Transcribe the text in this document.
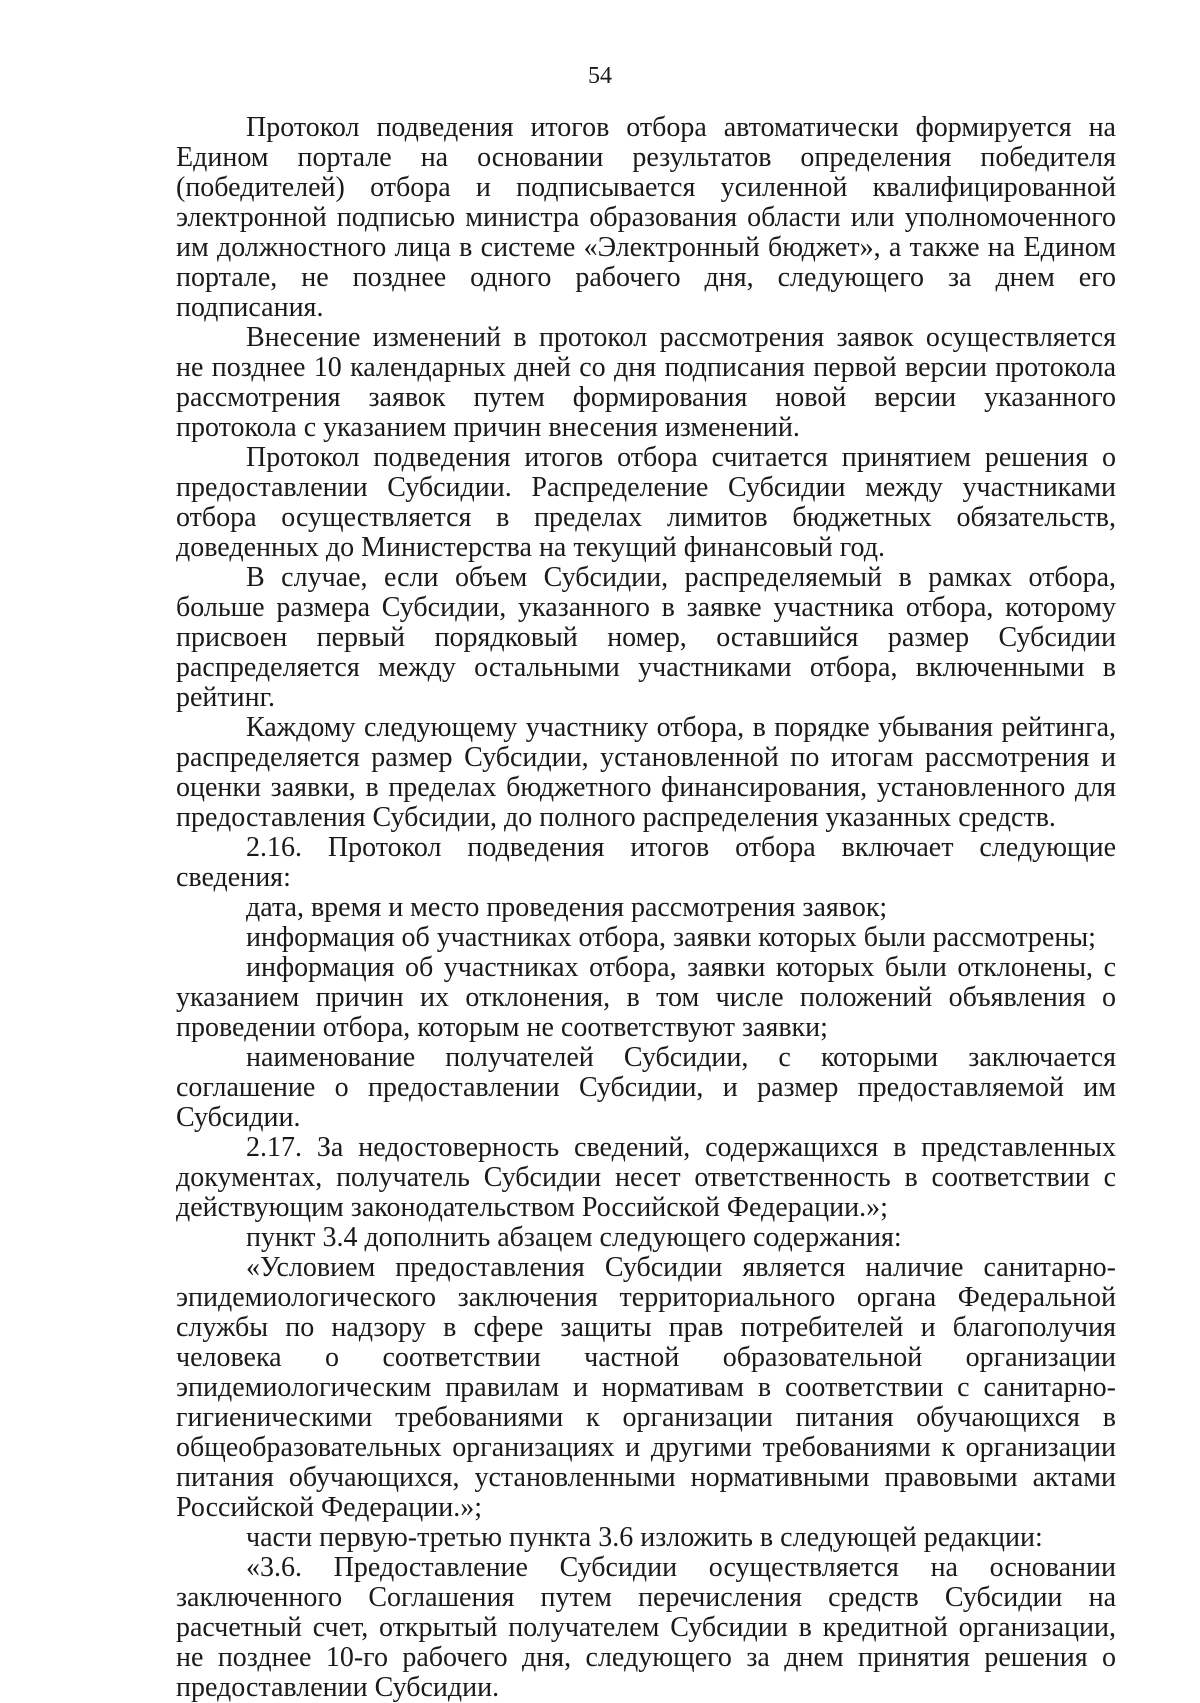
54

Протокол подведения итогов отбора автоматически формируется на Едином портале на основании результатов определения победителя (победителей) отбора и подписывается усиленной квалифицированной электронной подписью министра образования области или уполномоченного им должностного лица в системе «Электронный бюджет», а также на Едином портале, не позднее одного рабочего дня, следующего за днем его подписания.

Внесение изменений в протокол рассмотрения заявок осуществляется не позднее 10 календарных дней со дня подписания первой версии протокола рассмотрения заявок путем формирования новой версии указанного протокола с указанием причин внесения изменений.

Протокол подведения итогов отбора считается принятием решения о предоставлении Субсидии. Распределение Субсидии между участниками отбора осуществляется в пределах лимитов бюджетных обязательств, доведенных до Министерства на текущий финансовый год.

В случае, если объем Субсидии, распределяемый в рамках отбора, больше размера Субсидии, указанного в заявке участника отбора, которому присвоен первый порядковый номер, оставшийся размер Субсидии распределяется между остальными участниками отбора, включенными в рейтинг.

Каждому следующему участнику отбора, в порядке убывания рейтинга, распределяется размер Субсидии, установленной по итогам рассмотрения и оценки заявки, в пределах бюджетного финансирования, установленного для предоставления Субсидии, до полного распределения указанных средств.

2.16. Протокол подведения итогов отбора включает следующие сведения:

дата, время и место проведения рассмотрения заявок;

информация об участниках отбора, заявки которых были рассмотрены;

информация об участниках отбора, заявки которых были отклонены, с указанием причин их отклонения, в том числе положений объявления о проведении отбора, которым не соответствуют заявки;

наименование получателей Субсидии, с которыми заключается соглашение о предоставлении Субсидии, и размер предоставляемой им Субсидии.

2.17. За недостоверность сведений, содержащихся в представленных документах, получатель Субсидии несет ответственность в соответствии с действующим законодательством Российской Федерации.»;

пункт 3.4 дополнить абзацем следующего содержания:

«Условием предоставления Субсидии является наличие санитарно-эпидемиологического заключения территориального органа Федеральной службы по надзору в сфере защиты прав потребителей и благополучия человека о соответствии частной образовательной организации эпидемиологическим правилам и нормативам в соответствии с санитарно-гигиеническими требованиями к организации питания обучающихся в общеобразовательных организациях и другими требованиями к организации питания обучающихся, установленными нормативными правовыми актами Российской Федерации.»;

части первую-третью пункта 3.6 изложить в следующей редакции:

«3.6. Предоставление Субсидии осуществляется на основании заключенного Соглашения путем перечисления средств Субсидии на расчетный счет, открытый получателем Субсидии в кредитной организации, не позднее 10-го рабочего дня, следующего за днем принятия решения о предоставлении Субсидии.
